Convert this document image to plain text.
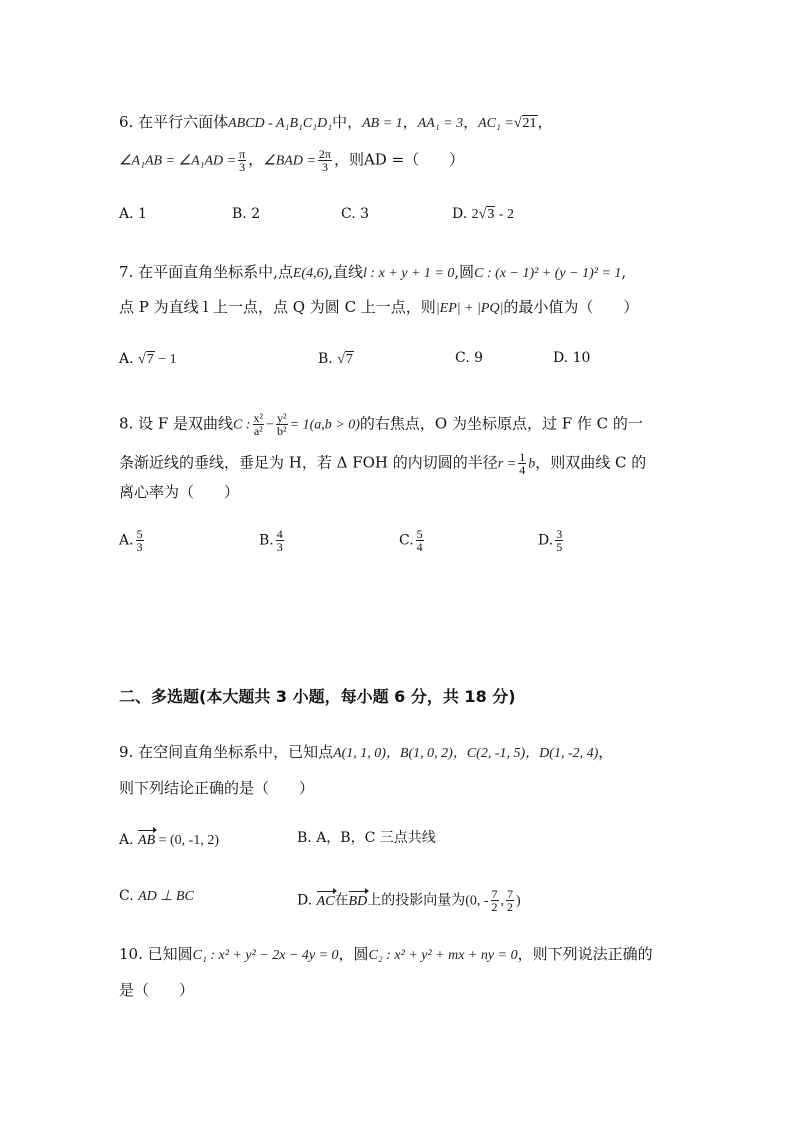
6. 在平行六面体ABCD - A₁B₁C₁D₁中，AB = 1，AA₁ = 3，AC₁ =√21，
∠A₁AB = ∠A₁AD = $\frac{\pi}{3}$ ，∠BAD = $\frac{2\pi}{3}$ ，则AD =（　　）
A. 1	B. 2	C. 3	D. 2√3 - 2
7. 在平面直角坐标系中,点E(4,6),直线l : x + y + 1 = 0,圆C : (x − 1)² + (y − 1)² = 1,
点 P 为直线 l 上一点，点 Q 为圆 C 上一点，则|EP| + |PQ|的最小值为（　　）
A. √7 − 1	B. √7	C. 9	D. 10
8. 设 F 是双曲线C : $\frac{\text{x²}}{\text{a²}} - \frac{\text{y²}}{\text{b²}} = 1(a,b > 0)$的右焦点，O 为坐标原点，过 F 作 C 的一
条渐近线的垂线，垂足为 H，若 Δ FOH 的内切圆的半径$r = \frac{1}{4}$ b，则双曲线 C 的
离心率为（　　）
A. $\frac{5}{3}$	B. $\frac{4}{3}$	C. $\frac{5}{4}$	D. $\frac{3}{5}$
二、多选题(本大题共 3 小题，每小题 6 分，共 18 分)
9. 在空间直角坐标系中，已知点A(1, 1, 0)，B(1, 0, 2)，C(2, -1, 5)，D(1, -2, 4)，
则下列结论正确的是（　　）
A. AB = (0, -1, 2)	B. A，B，C 三点共线
C. AD ⊥ BC	D. AC在BD上的投影向量为(0, - $\frac{7}{2}$ , $\frac{7}{2}$ )
10. 已知圆C₁ : x² + y² − 2x − 4y = 0，圆C₂ : x² + y² + mx + ny = 0，则下列说法正确的
是（　　）
